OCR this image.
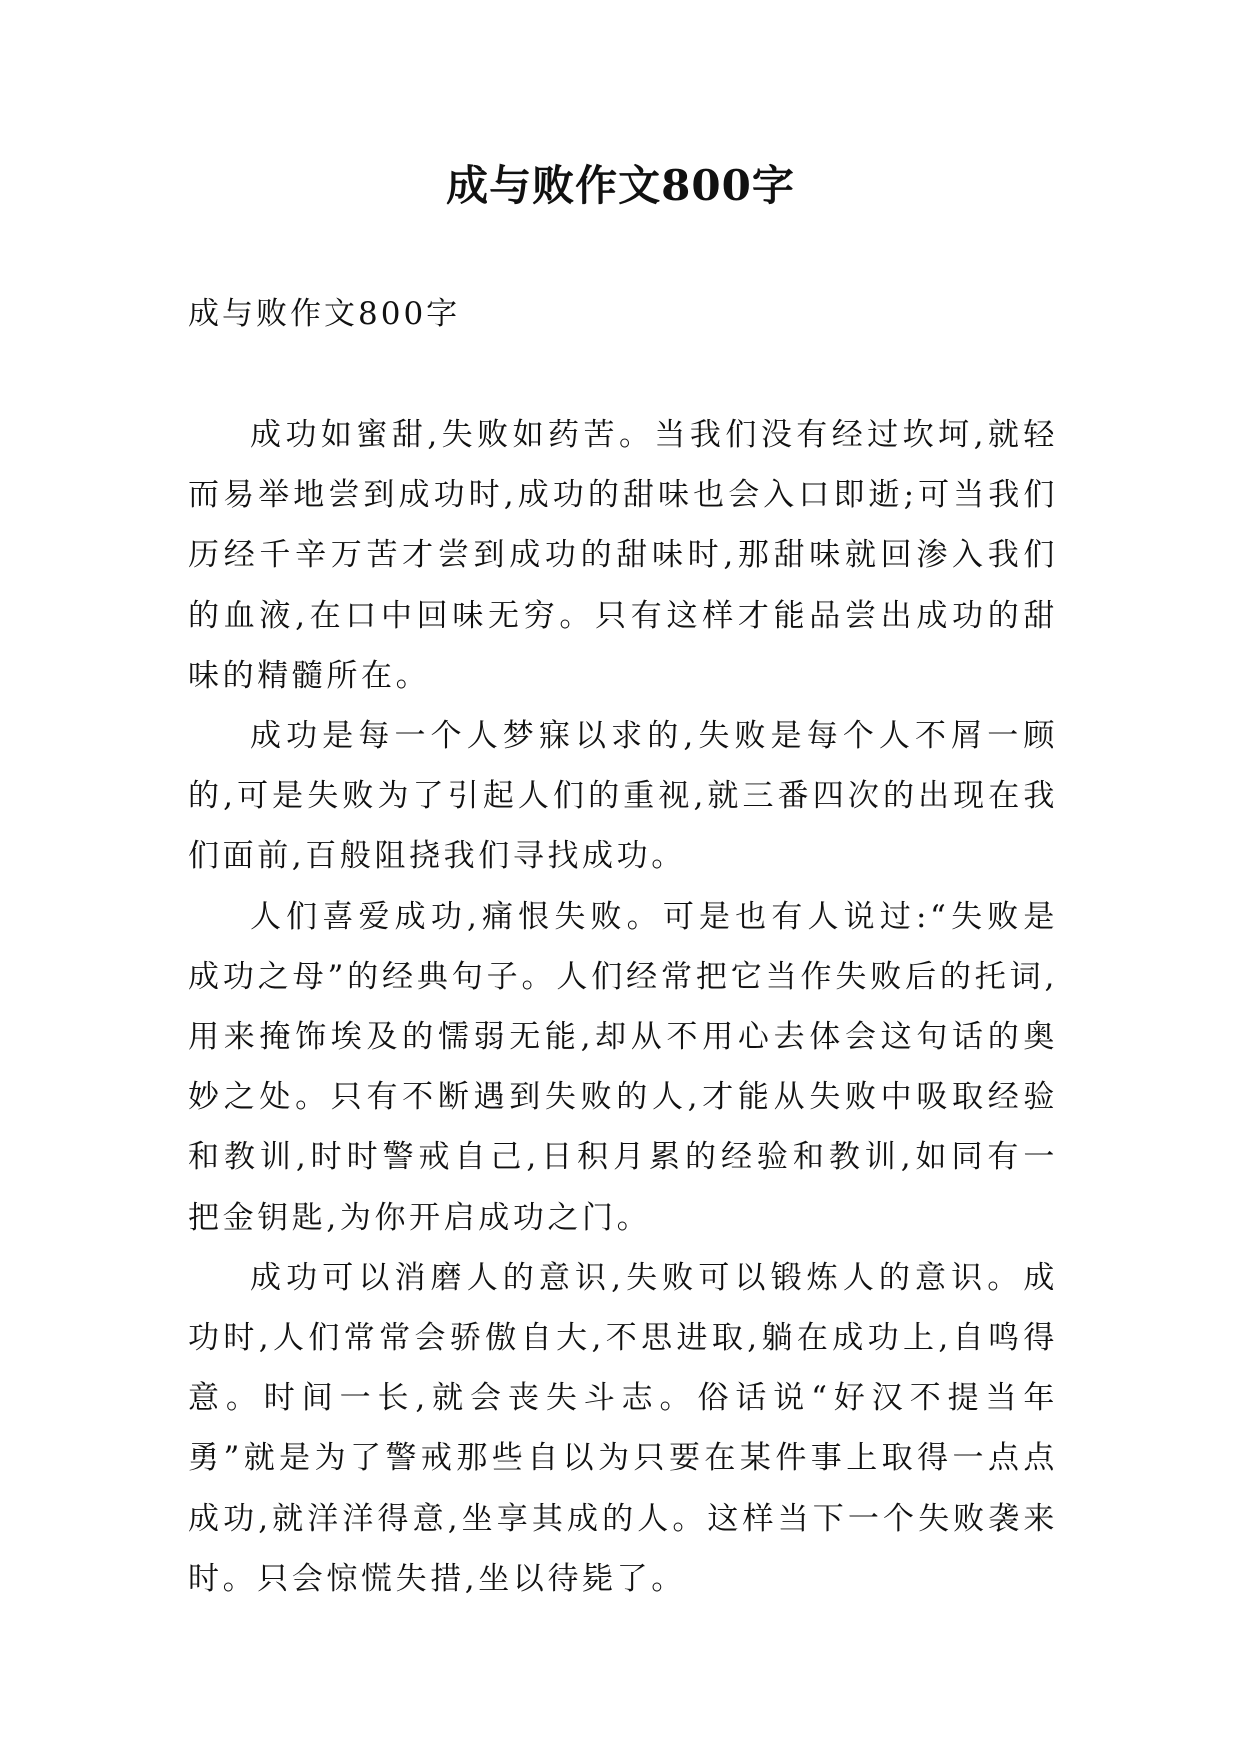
成与败作文800字
成与败作文800字

成功如蜜甜,失败如药苦。当我们没有经过坎坷,就轻而易举地尝到成功时,成功的甜味也会入口即逝;可当我们历经千辛万苦才尝到成功的甜味时,那甜味就回渗入我们的血液,在口中回味无穷。只有这样才能品尝出成功的甜味的精髓所在。

成功是每一个人梦寐以求的,失败是每个人不屑一顾的,可是失败为了引起人们的重视,就三番四次的出现在我们面前,百般阻挠我们寻找成功。

人们喜爱成功,痛恨失败。可是也有人说过:“失败是成功之母”的经典句子。人们经常把它当作失败后的托词,用来掩饰埃及的懦弱无能,却从不用心去体会这句话的奥妙之处。只有不断遇到失败的人,才能从失败中吸取经验和教训,时时警戒自己,日积月累的经验和教训,如同有一把金钥匙,为你开启成功之门。

成功可以消磨人的意识,失败可以锻炼人的意识。成功时,人们常常会骄傲自大,不思进取,躺在成功上,自鸣得意。时间一长,就会丧失斗志。俗话说“好汉不提当年勇”就是为了警戒那些自以为只要在某件事上取得一点点成功,就洋洋得意,坐享其成的人。这样当下一个失败袭来时。只会惊慌失措,坐以待毙了。
